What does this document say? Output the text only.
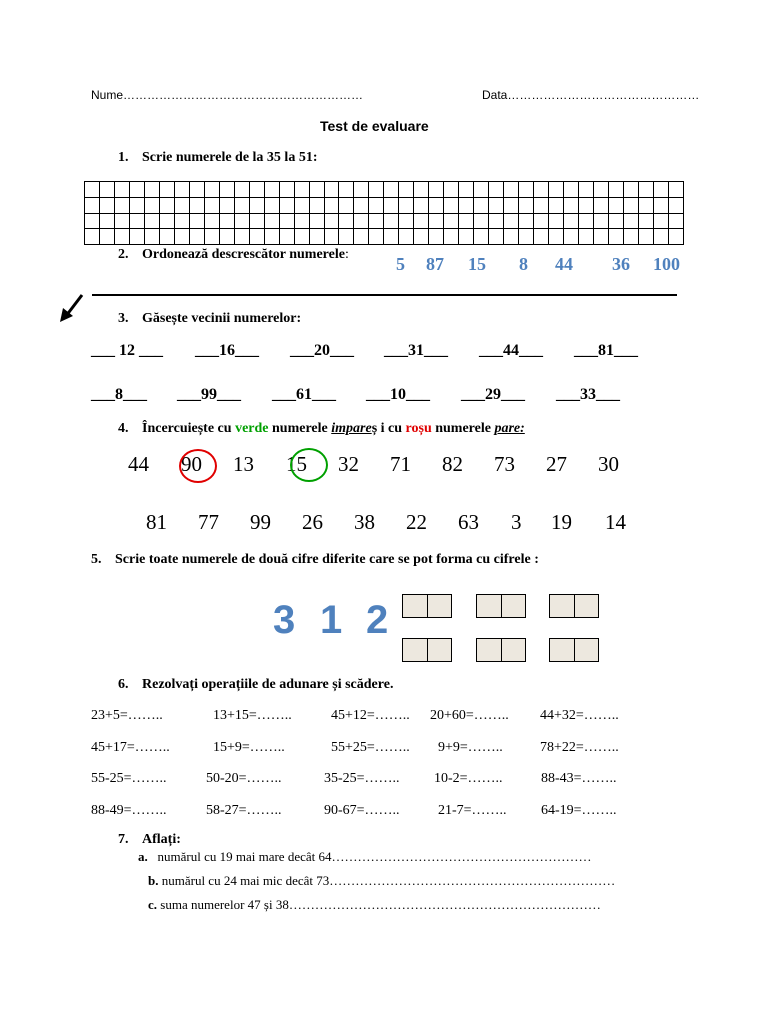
Nume……………………………………………………	Data…………………………………………
Test de evaluare
1. Scrie numerele de la 35 la 51:

2. Ordonează descrescător numerele:	5 87 15 8 44 36 100
3. Găsește vecinii numerelor:
___ 12 ___ ___16___ ___20___ ___31___ ___44___ ___81___
___8___ ___99___ ___61___ ___10___ ___29___ ___33___
4. Încercuiește cu verde numerele impareș i cu roșu numerele pare:
44 90 13 15 32 71 82 73 27 30
81 77 99 26 38 22 63 3 19 14
5. Scrie toate numerele de două cifre diferite care se pot forma cu cifrele :
3 1 2
6. Rezolvați operațiile de adunare și scădere.
23+5=……..	13+15=……..	45+12=…….. 20+60=…….. 44+32=……..
45+17=……..	15+9=……..	55+25=…….. 9+9=……..	78+22=……..
55-25=……..	50-20=……..	35-25=…….. 10-2=……..	88-43=……..
88-49=……..	58-27=……..	90-67=……..	21-7=…….. 64-19=……..
7. Aflați:
a. numărul cu 19 mai mare decât 64……………………………………………………
b. numărul cu 24 mai mic decât 73…………………………………………………………
c. suma numerelor 47 și 38………………………………………………………………
